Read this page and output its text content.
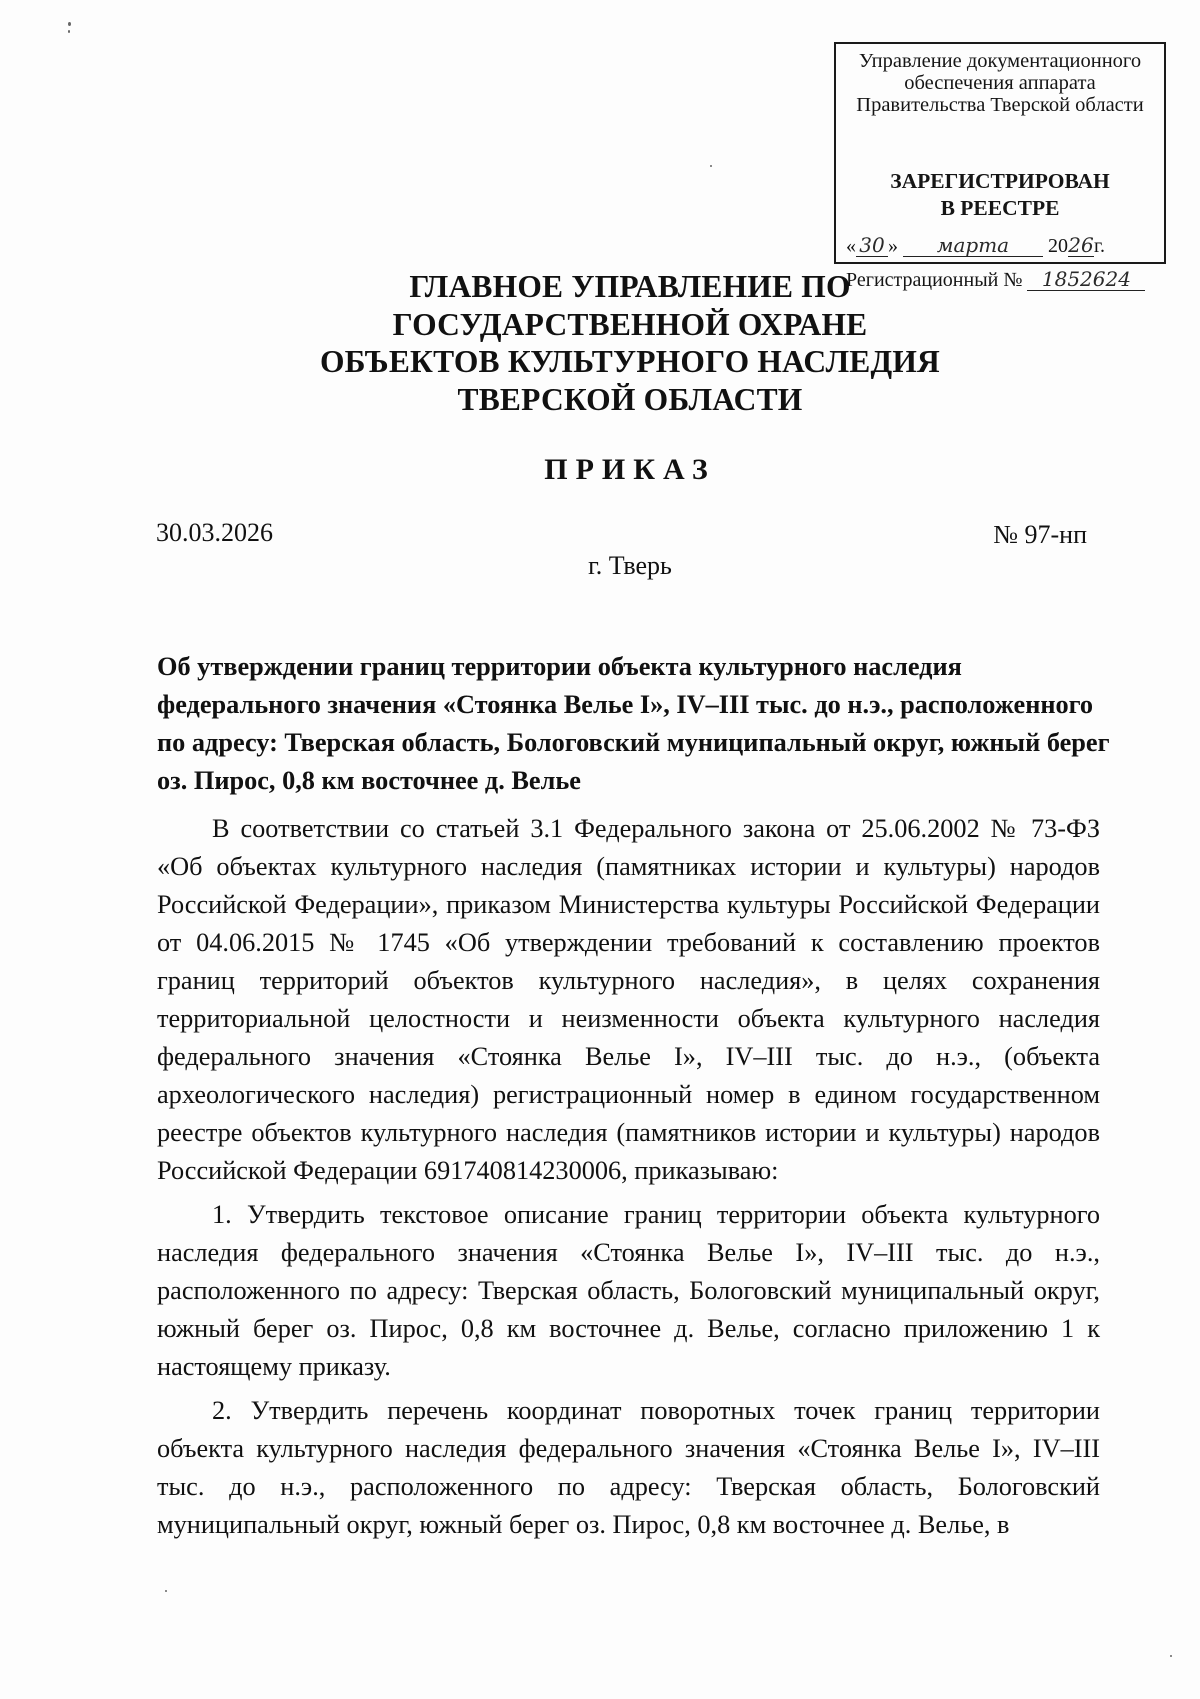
Управление документационного
обеспечения аппарата
Правительства Тверской области
ЗАРЕГИСТРИРОВАН
В РЕЕСТРЕ
« 30 » марта 2026г.
Регистрационный № 1852624
ГЛАВНОЕ УПРАВЛЕНИЕ ПО
ГОСУДАРСТВЕННОЙ ОХРАНЕ
ОБЪЕКТОВ КУЛЬТУРНОГО НАСЛЕДИЯ
ТВЕРСКОЙ ОБЛАСТИ
ПРИКАЗ
30.03.2026	№ 97-нп
г. Тверь
Об утверждении границ территории объекта культурного наследия федерального значения «Стоянка Велье I», IV–III тыс. до н.э., расположенного по адресу: Тверская область, Бологовский муниципальный округ, южный берег оз. Пирос, 0,8 км восточнее д. Велье

В соответствии со статьей 3.1 Федерального закона от 25.06.2002 № 73-ФЗ «Об объектах культурного наследия (памятниках истории и культуры) народов Российской Федерации», приказом Министерства культуры Российской Федерации от 04.06.2015 № 1745 «Об утверждении требований к составлению проектов границ территорий объектов культурного наследия», в целях сохранения территориальной целостности и неизменности объекта культурного наследия федерального значения «Стоянка Велье I», IV–III тыс. до н.э., (объекта археологического наследия) регистрационный номер в едином государственном реестре объектов культурного наследия (памятников истории и культуры) народов Российской Федерации 691740814230006, приказываю:

1. Утвердить текстовое описание границ территории объекта культурного наследия федерального значения «Стоянка Велье I», IV–III тыс. до н.э., расположенного по адресу: Тверская область, Бологовский муниципальный округ, южный берег оз. Пирос, 0,8 км восточнее д. Велье, согласно приложению 1 к настоящему приказу.

2. Утвердить перечень координат поворотных точек границ территории объекта культурного наследия федерального значения «Стоянка Велье I», IV–III тыс. до н.э., расположенного по адресу: Тверская область, Бологовский муниципальный округ, южный берег оз. Пирос, 0,8 км восточнее д. Велье, в
